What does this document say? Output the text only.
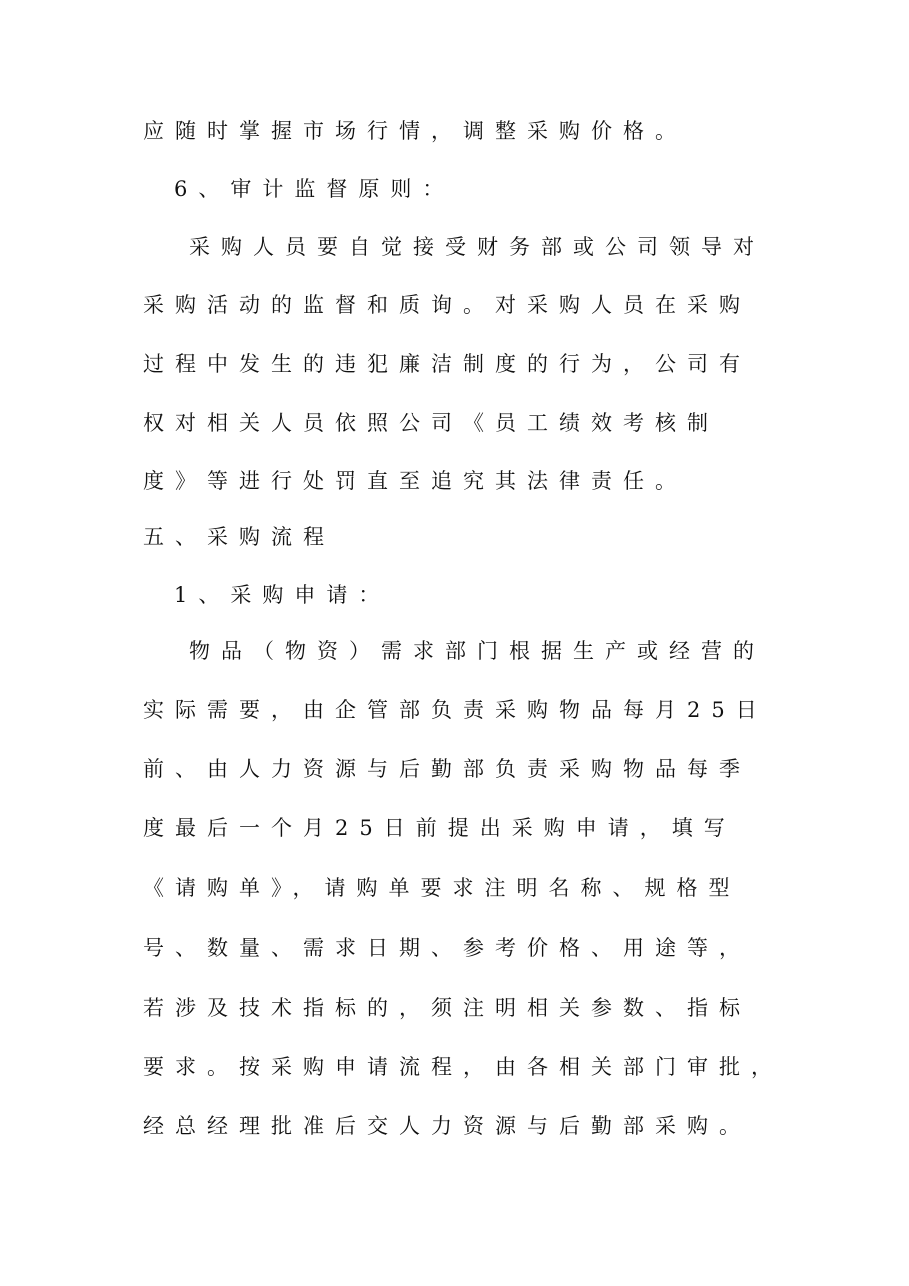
应随时掌握市场行情，调整采购价格。
6、审计监督原则：
采购人员要自觉接受财务部或公司领导对
采购活动的监督和质询。对采购人员在采购
过程中发生的违犯廉洁制度的行为，公司有
权对相关人员依照公司《员工绩效考核制
度》等进行处罚直至追究其法律责任。
五、采购流程
1、采购申请：
物品（物资）需求部门根据生产或经营的
实际需要，由企管部负责采购物品每月25日
前、由人力资源与后勤部负责采购物品每季
度最后一个月25日前提出采购申请，填写
《请购单》，请购单要求注明名称、规格型
号、数量、需求日期、参考价格、用途等，
若涉及技术指标的，须注明相关参数、指标
要求。按采购申请流程，由各相关部门审批，
经总经理批准后交人力资源与后勤部采购。
